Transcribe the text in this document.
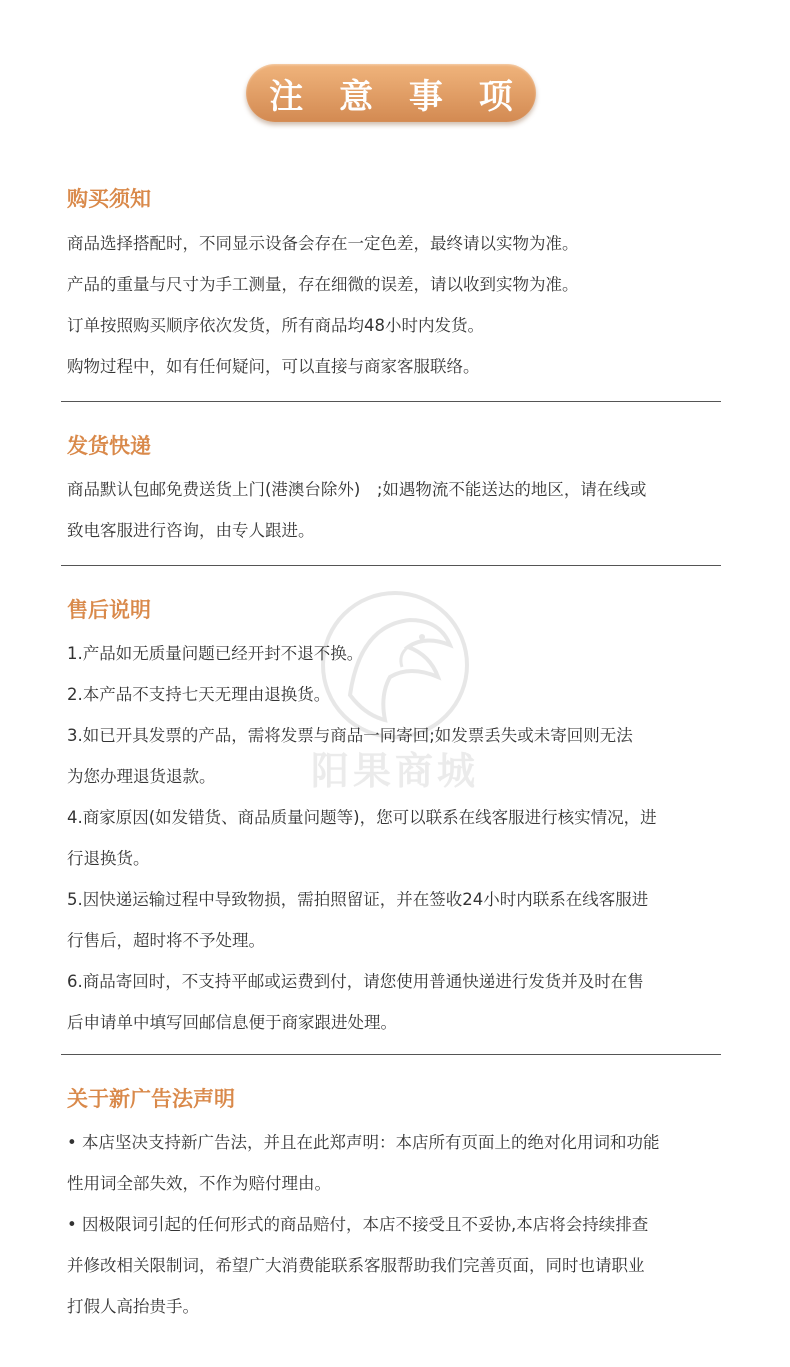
注 意 事 项
阳果商城
购买须知
商品选择搭配时，不同显示设备会存在一定色差，最终请以实物为准。
产品的重量与尺寸为手工测量，存在细微的误差，请以收到实物为准。
订单按照购买顺序依次发货，所有商品均48小时内发货。
购物过程中，如有任何疑问，可以直接与商家客服联络。
发货快递
商品默认包邮免费送货上门(港澳台除外)　;如遇物流不能送达的地区，请在线或
致电客服进行咨询，由专人跟进。
售后说明
1.产品如无质量问题已经开封不退不换。
2.本产品不支持七天无理由退换货。
3.如已开具发票的产品，需将发票与商品一同寄回;如发票丢失或未寄回则无法
为您办理退货退款。
4.商家原因(如发错货、商品质量问题等)，您可以联系在线客服进行核实情况，进
行退换货。
5.因快递运输过程中导致物损，需拍照留证，并在签收24小时内联系在线客服进
行售后，超时将不予处理。
6.商品寄回时，不支持平邮或运费到付，请您使用普通快递进行发货并及时在售
后申请单中填写回邮信息便于商家跟进处理。
关于新广告法声明
• 本店坚决支持新广告法，并且在此郑声明：本店所有页面上的绝对化用词和功能
性用词全部失效，不作为赔付理由。
• 因极限词引起的任何形式的商品赔付，本店不接受且不妥协,本店将会持续排查
并修改相关限制词，希望广大消费能联系客服帮助我们完善页面，同时也请职业
打假人高抬贵手。
